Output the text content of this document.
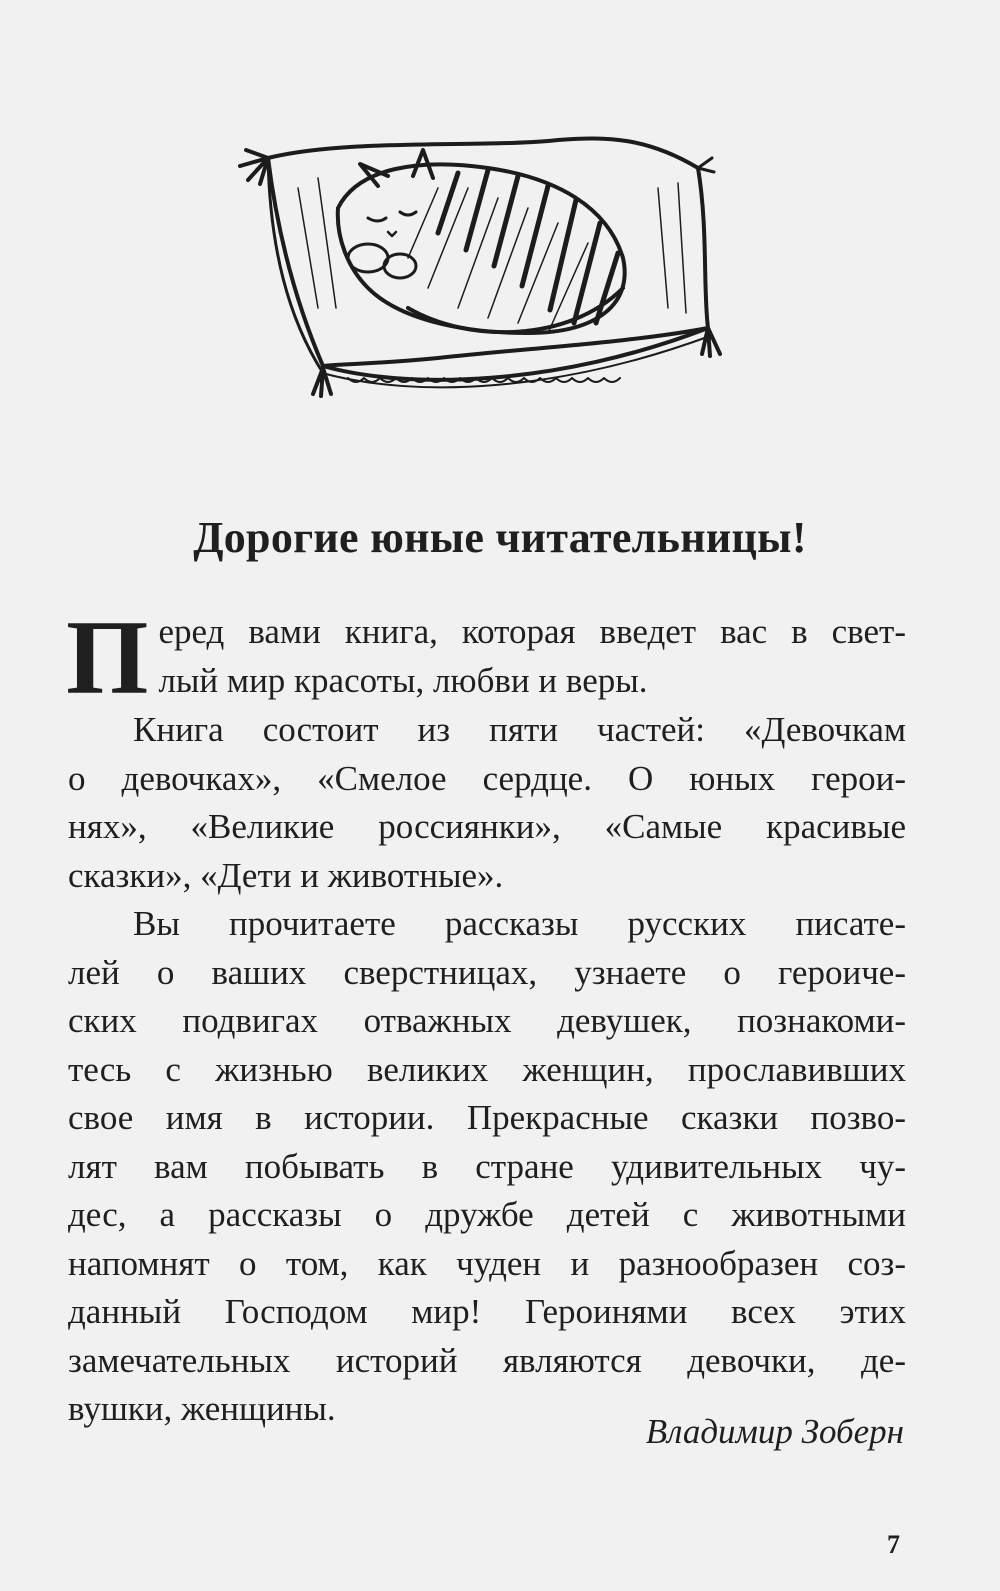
Дорогие юные читательницы!
П еред вами книга, которая введет вас в свет-
лый мир красоты, любви и веры.
Книга состоит из пяти частей: «Девочкам
о девочках», «Смелое сердце. О юных герои-
нях», «Великие россиянки», «Самые красивые
сказки», «Дети и животные».
Вы прочитаете рассказы русских писате-
лей о ваших сверстницах, узнаете о героиче-
ских подвигах отважных девушек, познакоми-
тесь с жизнью великих женщин, прославивших
свое имя в истории. Прекрасные сказки позво-
лят вам побывать в стране удивительных чу-
дес, а рассказы о дружбе детей с животными
напомнят о том, как чуден и разнообразен соз-
данный Господом мир! Героинями всех этих
замечательных историй являются девочки, де-
вушки, женщины.
Владимир Зоберн
7
